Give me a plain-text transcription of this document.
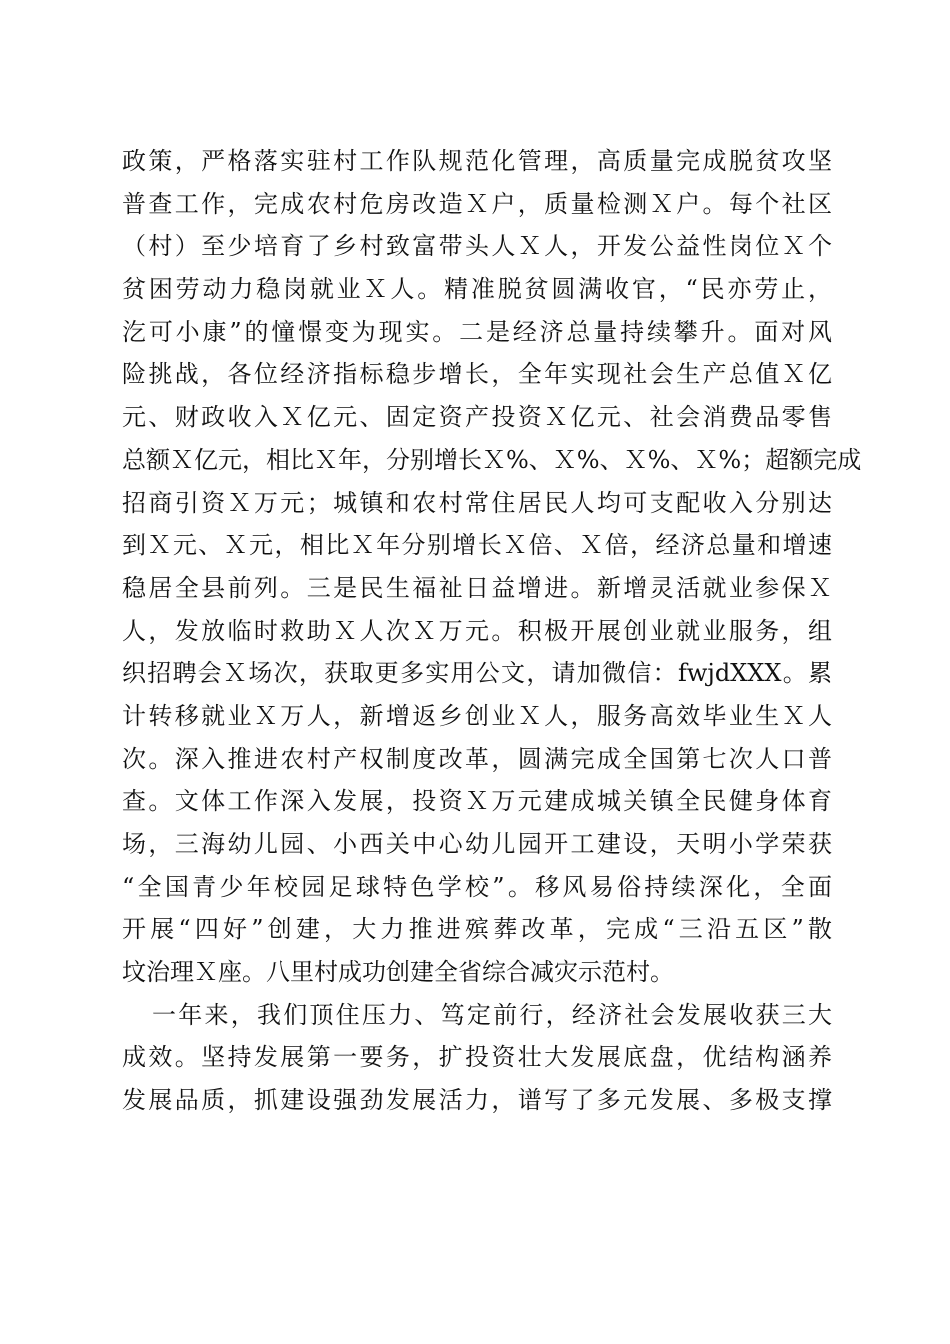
政策，严格落实驻村工作队规范化管理，高质量完成脱贫攻坚
普查工作，完成农村危房改造Ｘ户，质量检测Ｘ户。每个社区
（村）至少培育了乡村致富带头人Ｘ人，开发公益性岗位Ｘ个
贫困劳动力稳岗就业Ｘ人。精准脱贫圆满收官，“民亦劳止，
汔可小康”的憧憬变为现实。二是经济总量持续攀升。面对风
险挑战，各位经济指标稳步增长，全年实现社会生产总值Ｘ亿
元、财政收入Ｘ亿元、固定资产投资Ｘ亿元、社会消费品零售
总额Ｘ亿元，相比Ｘ年，分别增长Ｘ%、Ｘ%、Ｘ%、Ｘ%；超额完成
招商引资Ｘ万元；城镇和农村常住居民人均可支配收入分别达
到Ｘ元、Ｘ元，相比Ｘ年分别增长Ｘ倍、Ｘ倍，经济总量和增速
稳居全县前列。三是民生福祉日益增进。新增灵活就业参保Ｘ
人，发放临时救助Ｘ人次Ｘ万元。积极开展创业就业服务，组
织招聘会Ｘ场次，获取更多实用公文，请加微信：fwjdXXX。累
计转移就业Ｘ万人，新增返乡创业Ｘ人，服务高效毕业生Ｘ人
次。深入推进农村产权制度改革，圆满完成全国第七次人口普
查。文体工作深入发展，投资Ｘ万元建成城关镇全民健身体育
场，三海幼儿园、小西关中心幼儿园开工建设，天明小学荣获
“全国青少年校园足球特色学校”。移风易俗持续深化，全面
开展“四好”创建，大力推进殡葬改革，完成“三沿五区”散
坟治理Ｘ座。八里村成功创建全省综合减灾示范村。
一年来，我们顶住压力、笃定前行，经济社会发展收获三大
成效。坚持发展第一要务，扩投资壮大发展底盘，优结构涵养
发展品质，抓建设强劲发展活力，谱写了多元发展、多极支撑
